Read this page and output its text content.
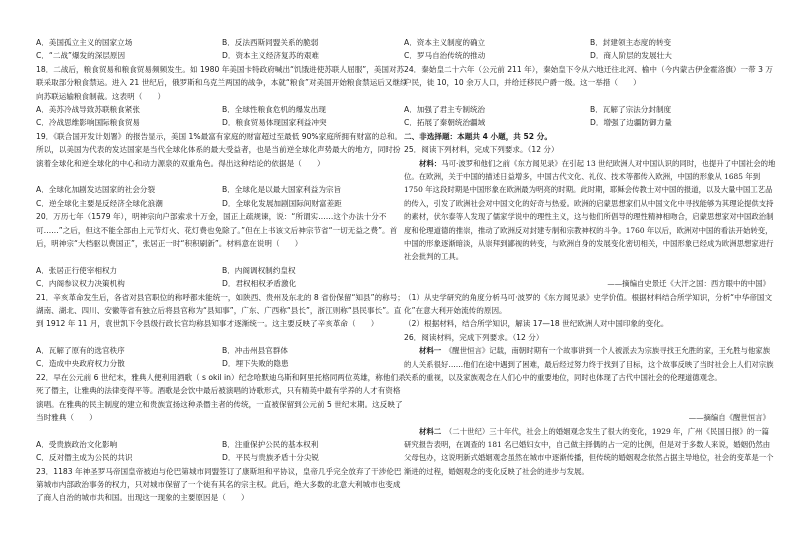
A．美国孤立主义的国家立场	B．反法西斯同盟关系的脆弱
C．“二战”爆发的深层原因	D．资本主义经济复苏的艰难
18．二战后，粮食贸易和粮食贸易频频发生。如 1980 年美国卡特政府喊出“饥饿进使苏联人屈服”，美国对苏联采取部分粮食禁运。进入 21 世纪后，俄罗斯和乌克兰两国的战争，本就“粮食”对美国开始粮食禁运后又继续向苏联运输粮食制裁。这表明（　　）
A．美苏冷战导致苏联粮食紧张	B．全球性粮食危机的爆发出现
C．冷战思维影响国际粮食贸易	D．粮食贸易体现国家利益冲突
19．《联合国开发计划署》的报告显示，美国 1%最富有家庭的财富超过至最低 90%家庭所拥有财富的总和。所以，以美国为代表的发达国家是当代全球化体系的最大受益者，也是当前逆全球化声势最大的地方，同时扮演着全球化和逆全球化的中心和动力源泉的双重角色。得出这种结论的依据是（　　）
A．全球化加剧发达国家的社会分裂	B．全球化是以最大国家利益为宗旨
C．逆全球化主要是反经济全球化浪潮	D．全球化发展加剧国际间财富差距
20．万历七年（1579 年），明神宗向户部索求十万金，国正上疏规谏，说：“所谓实……这个办法十分不可……”之后，但这不能全部由上元节灯火、花灯费也免除了。”但在上书该文后神宗节省“一切无益之费”。首后，明神宗“大档驱以费国正”，张居正一时“积积刷新”。材料意在说明（　　）
A．张居正行使宰相权力	B．内阁调权制约皇权
C．内阁参议权力决策机构	D．君权相权矛盾激化
21．辛亥革命发生后，各省对县官职位的称呼都未能统一，如陕西、贵州及东北的 8 省份保留“知县”的称号；湖南、湖北、四川、安徽等省有独立后将县官称为“县知事”，广东、广西称“县长”，浙江则称“县民事长”。直到 1912 年 11 月，袁世凯下令县级行政长官均称县知事才逐渐统一。这主要反映了辛亥革命（　　）
A．瓦解了原有的选官秩序	B．冲击州县官群体
C．造成中央政府权力分散	D．埋下失败的隐患
22．早在公元前 6 世纪末，雅典人便利用酒歌（ s okil in）纪念哈默迪乌斯和阿里托格同两位英雄，称他们杀死了僭主，让雅典的法律变得平等。酒歌是会饮中最后被演唱的诗歌形式，只有精英中最有学养的人才有资格演唱。在雅典的民主制度的建立和贵族宣扬这种杀僭主者的传统，一直被保留到公元前 5 世纪末期。这反映了当时雅典（　　）
A．受贵族政治文化影响	B．注重保护公民的基本权利
C．反对僭主成为公民的共识	D．平民与贵族矛盾十分尖锐
23．1183 年神圣罗马帝国皇帝被迫与伦巴第城市同盟签订了康斯坦和平协议，皇帝几乎完全放弃了干涉伦巴第城市内部政治事务的权力，只对城市保留了一个徒有其名的宗主权。此后，绝大多数的北意大利城市也变成了商人自治的城市共和国。出现这一现象的主要原因是（　　）
A．资本主义制度的确立	B．封建领主态度的转变
C．罗马自治传统的推动	D．商人阶层的发展壮大
24．秦始皇二十六年（公元前 211 年），秦始皇下令从六地迁往北河、榆中（今内蒙古伊金霍洛旗）一带 3 万户民，徙 10，10 余万人口，并给迁移民户爵一级。这一举措（　　）
A．加强了君主专制统治	B．瓦解了宗法分封制度
C．拓展了秦朝统治疆域	D．增强了边疆防御力量
二、非选择题：本题共 4 小题，共 52 分。
25．阅读下列材料，完成下列要求。（12 分）
材料：马可·波罗和他们之前《东方闻见录》在引起 13 世纪欧洲人对中国认识的同时，也提升了中国社会的地位。在欧洲，关于中国的描述日益增多，中国古代文化、礼仪、技术等都传入欧洲，中国的形象从 1685 年到 1750 年这段时期是中国形象在欧洲最为明亮的时期。此时期，耶稣会传教士对中国的报道，以及大量中国工艺品的传入，引发了欧洲社会对中国文化的好奇与热爱。欧洲的启蒙思想家们从中国文化中寻找能够为其理论提供支持的素材，伏尔泰等人发现了儒家学说中的理性主义，这与他们所倡导的理性精神相吻合，启蒙思想家对中国政治制度和伦理道德的推崇，推动了欧洲反对封建专制和宗教神权的斗争。1760 年以后，欧洲对中国的看法开始转变，中国的形象逐渐暗淡，从崇拜到鄙视的转变，与欧洲自身的发展变化密切相关，中国形象已经成为欧洲思想家进行社会批判的工具。
——摘编自史景迁《大汗之国：西方眼中的中国》
（1）从史学研究的角度分析马可·波罗的《东方闻见录》史学价值。根据材料结合所学知识，分析“中华帝国文化”在意大利开始流传的原因。
（2）根据材料，结合所学知识，解读 17—18 世纪欧洲人对中国印象的变化。
26．阅读材料，完成下列要求。（12 分）
材料一　 《醒世恒言》记载，南朝时期有一个故事讲到一个人被派去为宗族寻找王允胜的家，王允胜与他家族的人关系很好……他们在途中遇到了困难，最后经过努力终于找到了目标，这个故事反映了当时社会上人们对宗族关系的重视，以及家族观念在人们心中的重要地位，同时也体现了古代中国社会的伦理道德观念。
——摘编自《醒世恒言》
材料二　 （二十世纪）三十年代，社会上的婚姻观念发生了很大的变化，1929 年，广州《民国日报》的一篇研究报告表明，在调查的 181 名已婚妇女中，自己做主择偶的占一定的比例，但是对于多数人来说，婚姻仍然由父母包办，这说明新式婚姻观念虽然在城市中逐渐传播，但传统的婚姻观念依然占据主导地位，社会的变革是一个渐进的过程，婚姻观念的变化反映了社会的进步与发展。
